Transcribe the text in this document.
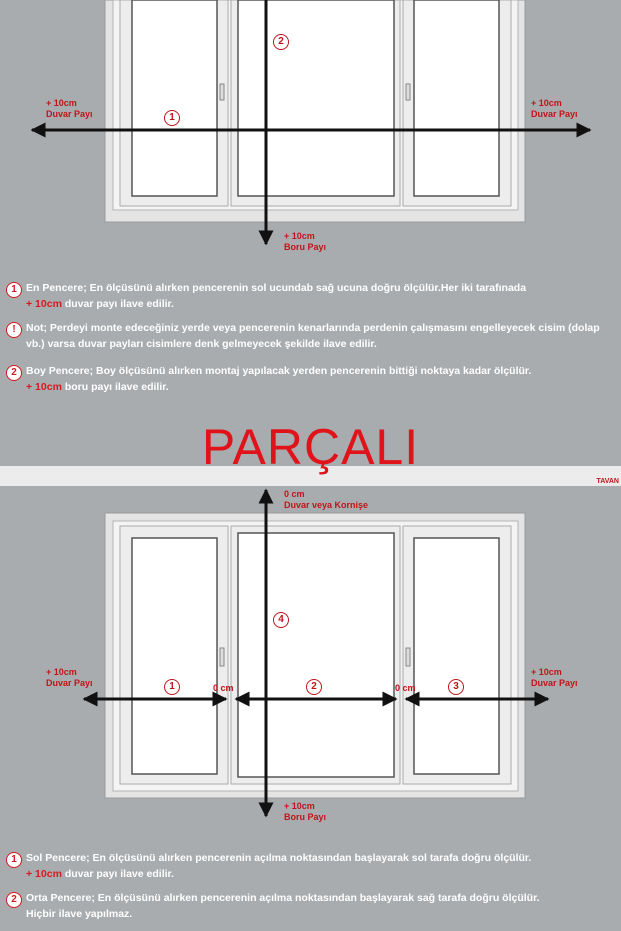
+ 10cm
Duvar Payı
+ 10cm
Duvar Payı
+ 10cm
Boru Payı
1
2
1 En Pencere; En ölçüsünü alırken pencerenin sol ucundab sağ ucuna doğru ölçülür.Her iki tarafınada
+ 10cm duvar payı ilave edilir.
! Not; Perdeyi monte edeceğiniz yerde veya pencerenin kenarlarında perdenin çalışmasını engelleyecek cisim (dolap vb.) varsa duvar payları cisimlere denk gelmeyecek şekilde ilave edilir.
2 Boy Pencere; Boy ölçüsünü alırken montaj yapılacak yerden pencerenin bittiği noktaya kadar ölçülür.
+ 10cm boru payı ilave edilir.
PARÇALI
TAVAN
0 cm
Duvar veya Kornişe
+ 10cm
Duvar Payı
+ 10cm
Duvar Payı
+ 10cm
Boru Payı
0 cm	0 cm
1	2	3
4
1 Sol Pencere; En ölçüsünü alırken pencerenin açılma noktasından başlayarak sol tarafa doğru ölçülür.
+ 10cm duvar payı ilave edilir.
2 Orta Pencere; En ölçüsünü alırken pencerenin açılma noktasından başlayarak sağ tarafa doğru ölçülür.
Hiçbir ilave yapılmaz.
